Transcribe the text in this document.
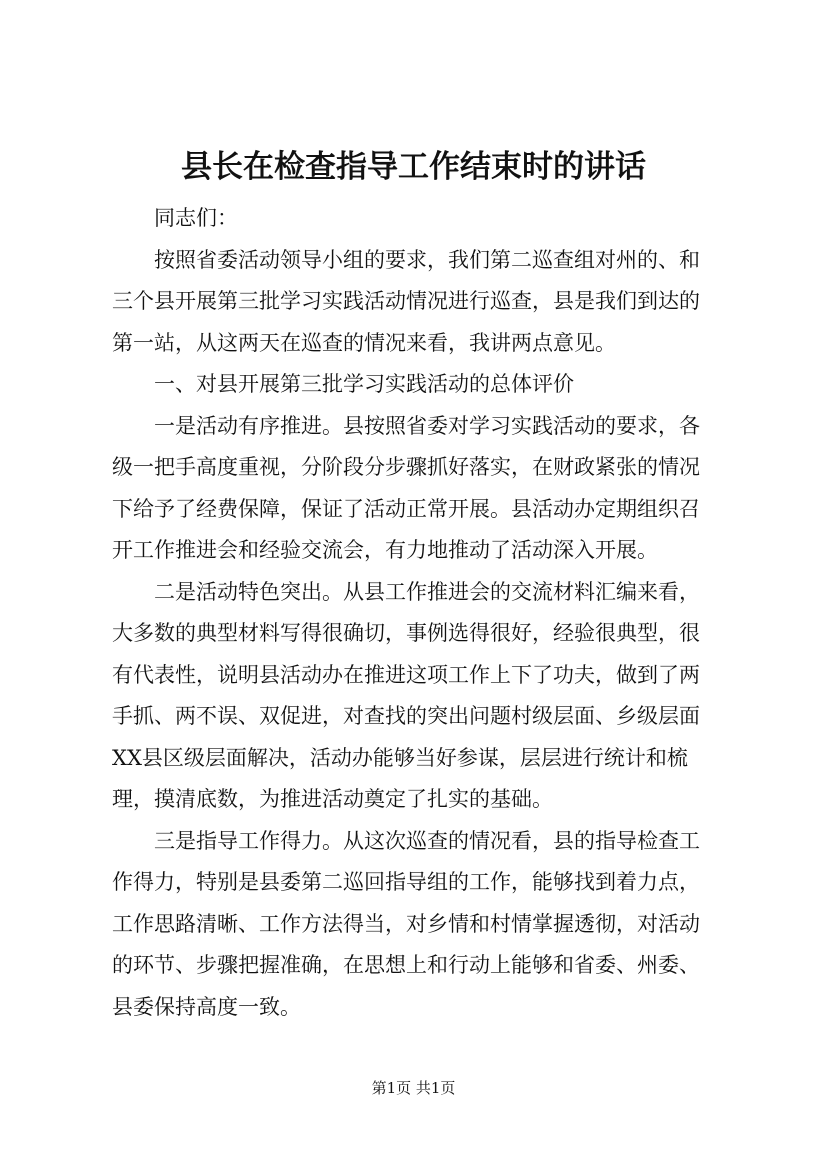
县长在检查指导工作结束时的讲话
同志们：
按照省委活动领导小组的要求，我们第二巡查组对州的、和
三个县开展第三批学习实践活动情况进行巡查，县是我们到达的
第一站，从这两天在巡查的情况来看，我讲两点意见。
一、对县开展第三批学习实践活动的总体评价
一是活动有序推进。县按照省委对学习实践活动的要求，各
级一把手高度重视，分阶段分步骤抓好落实，在财政紧张的情况
下给予了经费保障，保证了活动正常开展。县活动办定期组织召
开工作推进会和经验交流会，有力地推动了活动深入开展。
二是活动特色突出。从县工作推进会的交流材料汇编来看，
大多数的典型材料写得很确切，事例选得很好，经验很典型，很
有代表性，说明县活动办在推进这项工作上下了功夫，做到了两
手抓、两不误、双促进，对查找的突出问题村级层面、乡级层面
XX县区级层面解决，活动办能够当好参谋，层层进行统计和梳
理，摸清底数，为推进活动奠定了扎实的基础。
三是指导工作得力。从这次巡查的情况看，县的指导检查工
作得力，特别是县委第二巡回指导组的工作，能够找到着力点，
工作思路清晰、工作方法得当，对乡情和村情掌握透彻，对活动
的环节、步骤把握准确，在思想上和行动上能够和省委、州委、
县委保持高度一致。
第1页 共1页
